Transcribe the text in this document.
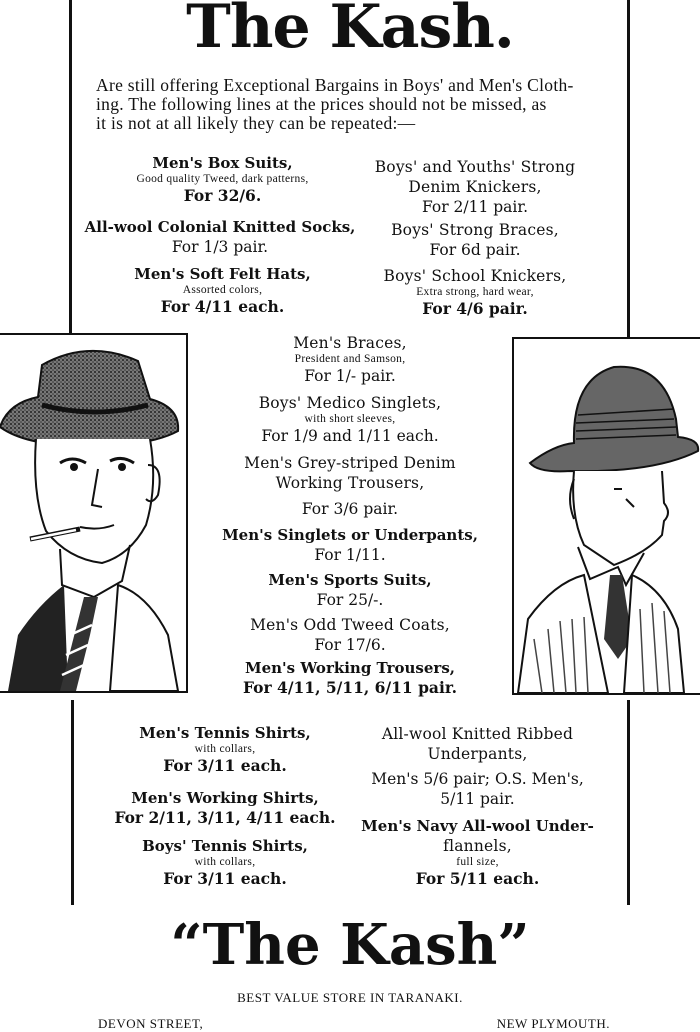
The Kash.
Are still offering Exceptional Bargains in Boys' and Men's Cloth-
ing. The following lines at the prices should not be missed, as
it is not at all likely they can be repeated:—
Men's Box Suits,
Good quality Tweed, dark patterns,
For 32/6.
All-wool Colonial Knitted Socks,
For 1/3 pair.
Men's Soft Felt Hats,
Assorted colors,
For 4/11 each.
Boys' and Youths' Strong
Denim Knickers,
For 2/11 pair.
Boys' Strong Braces,
For 6d pair.
Boys' School Knickers,
Extra strong, hard wear,
For 4/6 pair.
Men's Braces,
President and Samson,
For 1/- pair.
Boys' Medico Singlets,
with short sleeves,
For 1/9 and 1/11 each.
Men's Grey-striped Denim
Working Trousers,
For 3/6 pair.
Men's Singlets or Underpants,
For 1/11.
Men's Sports Suits,
For 25/-.
Men's Odd Tweed Coats,
For 17/6.
Men's Working Trousers,
For 4/11, 5/11, 6/11 pair.
Men's Tennis Shirts,
with collars,
For 3/11 each.
Men's Working Shirts,
For 2/11, 3/11, 4/11 each.
Boys' Tennis Shirts,
with collars,
For 3/11 each.
All-wool Knitted Ribbed
Underpants,
Men's 5/6 pair; O.S. Men's,
5/11 pair.
Men's Navy All-wool Under-
flannels,
full size,
For 5/11 each.
“The Kash”
BEST VALUE STORE IN TARANAKI.
DEVON STREET,	NEW PLYMOUTH.
